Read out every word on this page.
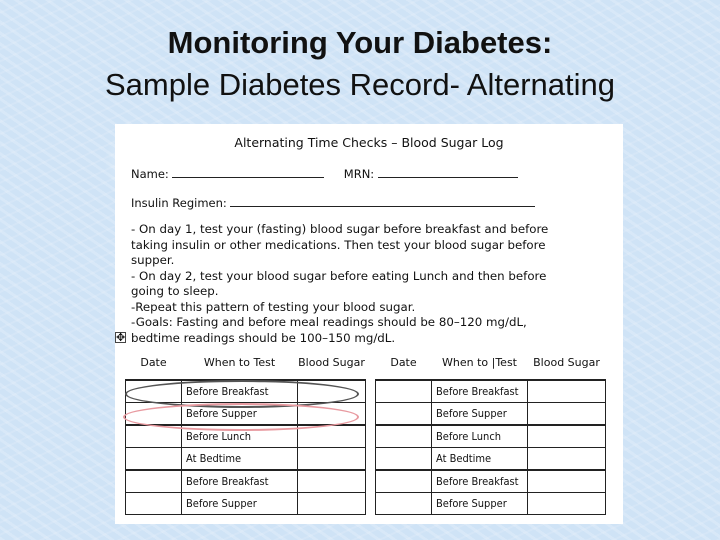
Monitoring Your Diabetes:
Sample Diabetes Record- Alternating
Alternating Time Checks – Blood Sugar Log
Name:	MRN:
Insulin Regimen:
- On day 1, test your (fasting) blood sugar before breakfast and before taking insulin or other medications. Then test your blood sugar before supper.
- On day 2, test your blood sugar before eating Lunch and then before going to sleep.
-Repeat this pattern of testing your blood sugar.
-Goals: Fasting and before meal readings should be 80–120 mg/dL, bedtime readings should be 100–150 mg/dL.
✥
Date	When to Test	Blood Sugar
	Before Breakfast	
	Before Supper	
	Before Lunch	
	At Bedtime	
	Before Breakfast	
	Before Supper	
Date	When to |Test	Blood Sugar
	Before Breakfast	
	Before Supper	
	Before Lunch	
	At Bedtime	
	Before Breakfast	
	Before Supper	
